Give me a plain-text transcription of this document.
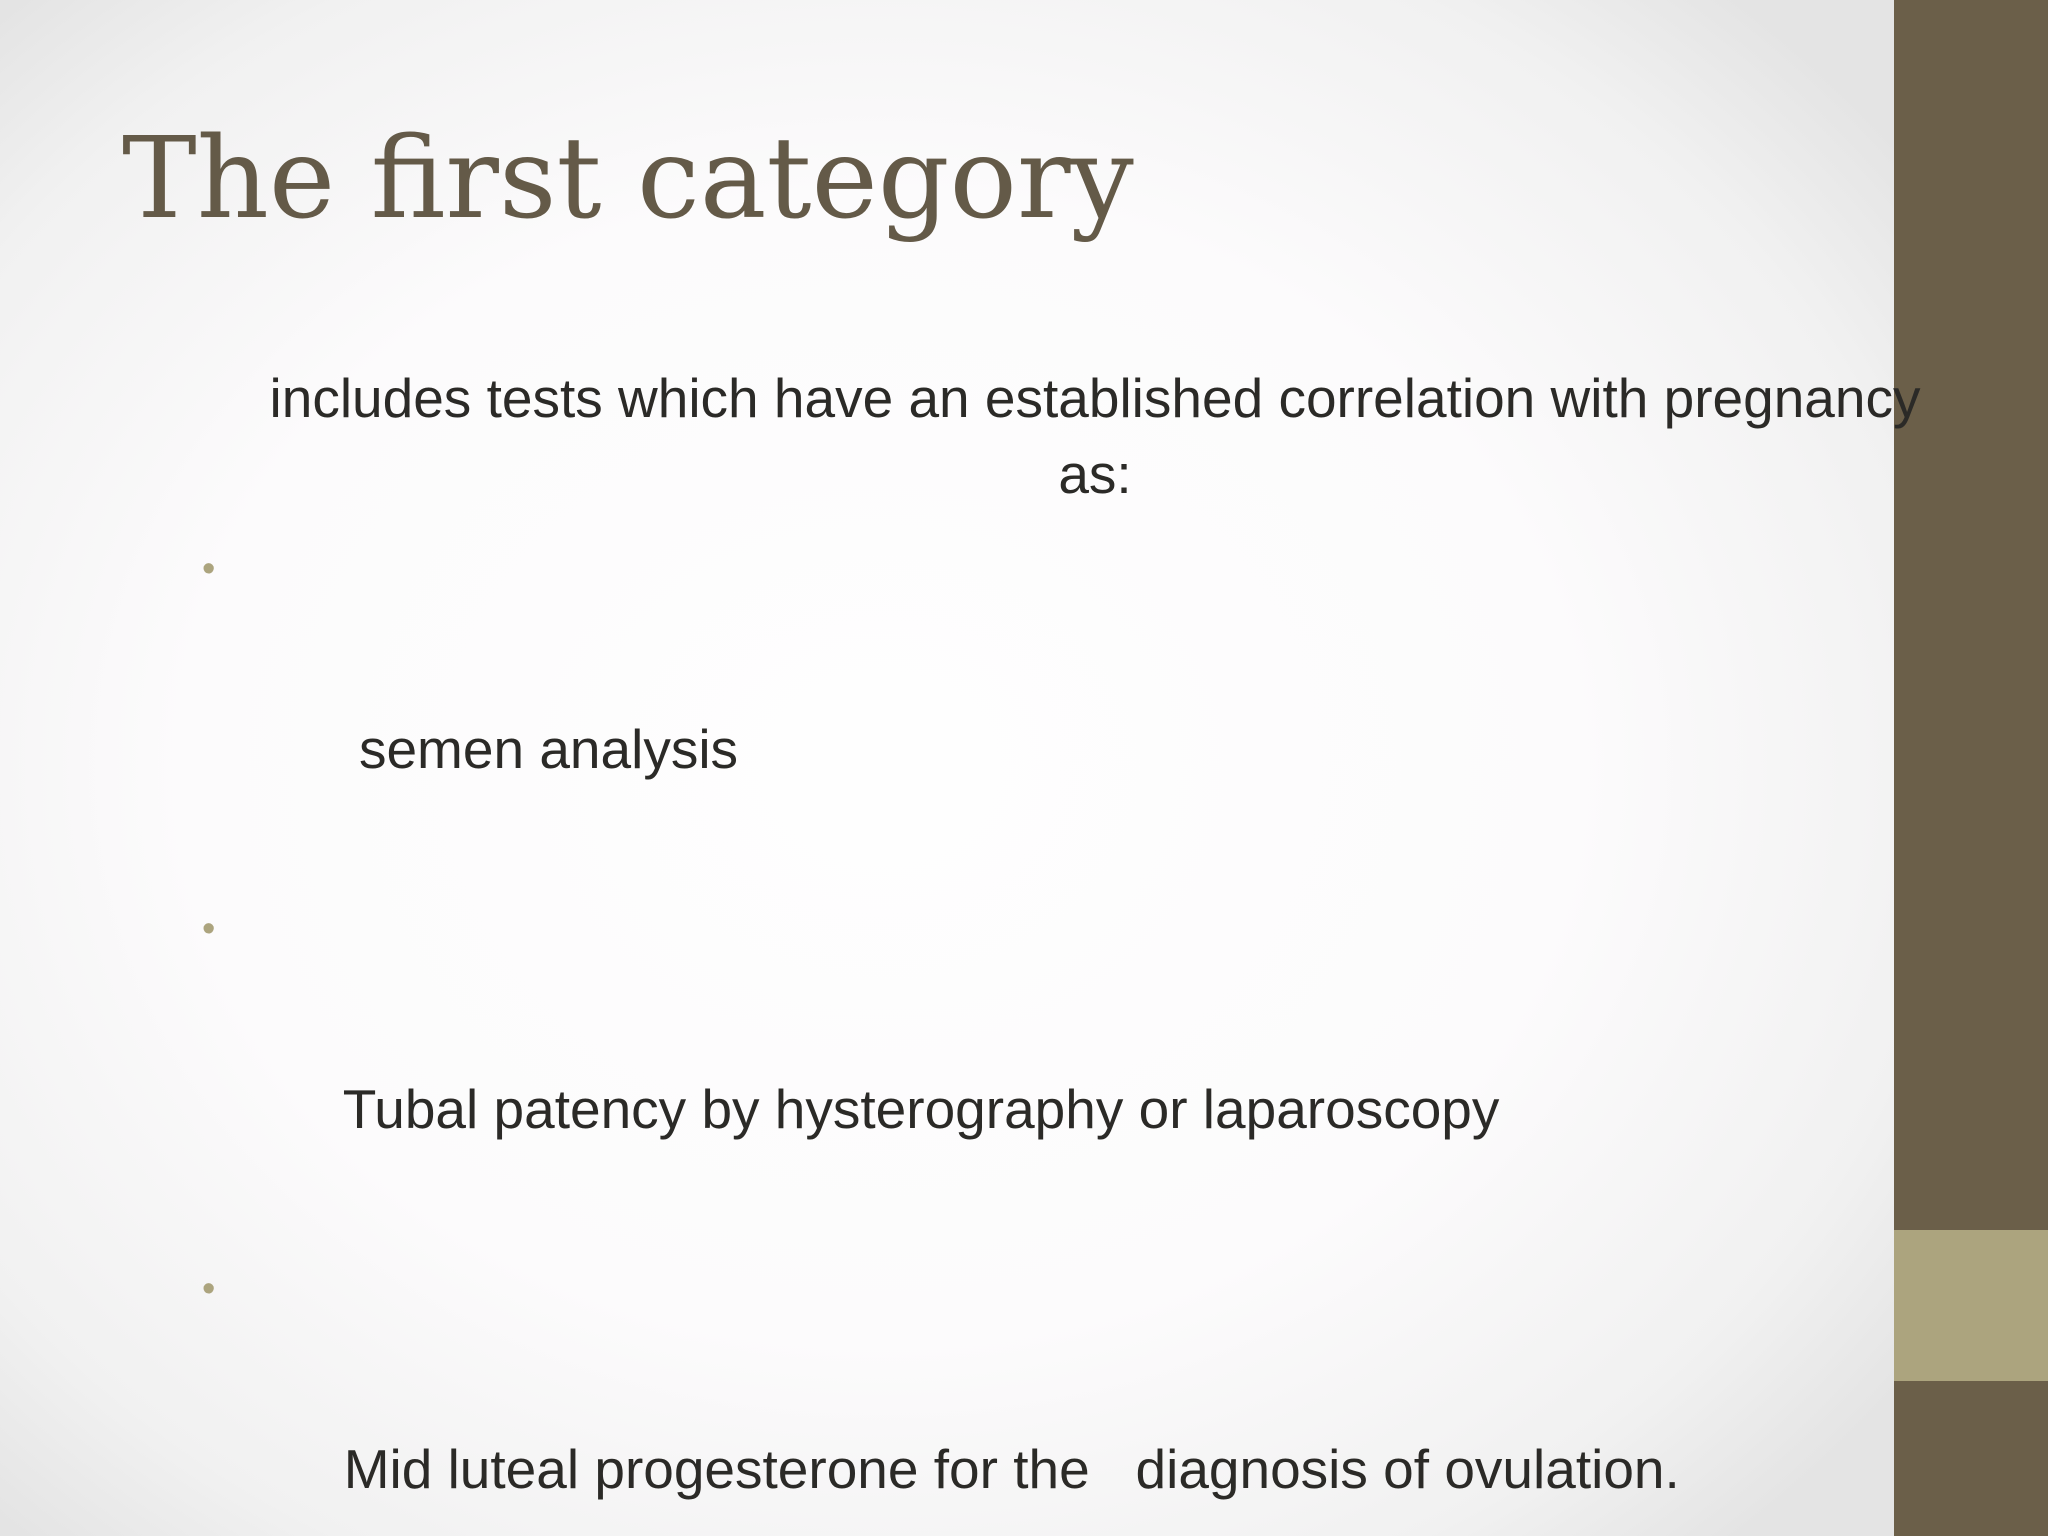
The first category

includes tests which have an established correlation with pregnancy
as:

•

semen analysis

•

Tubal patency by hysterography or laparoscopy

•

Mid luteal progesterone for the   diagnosis of ovulation.
